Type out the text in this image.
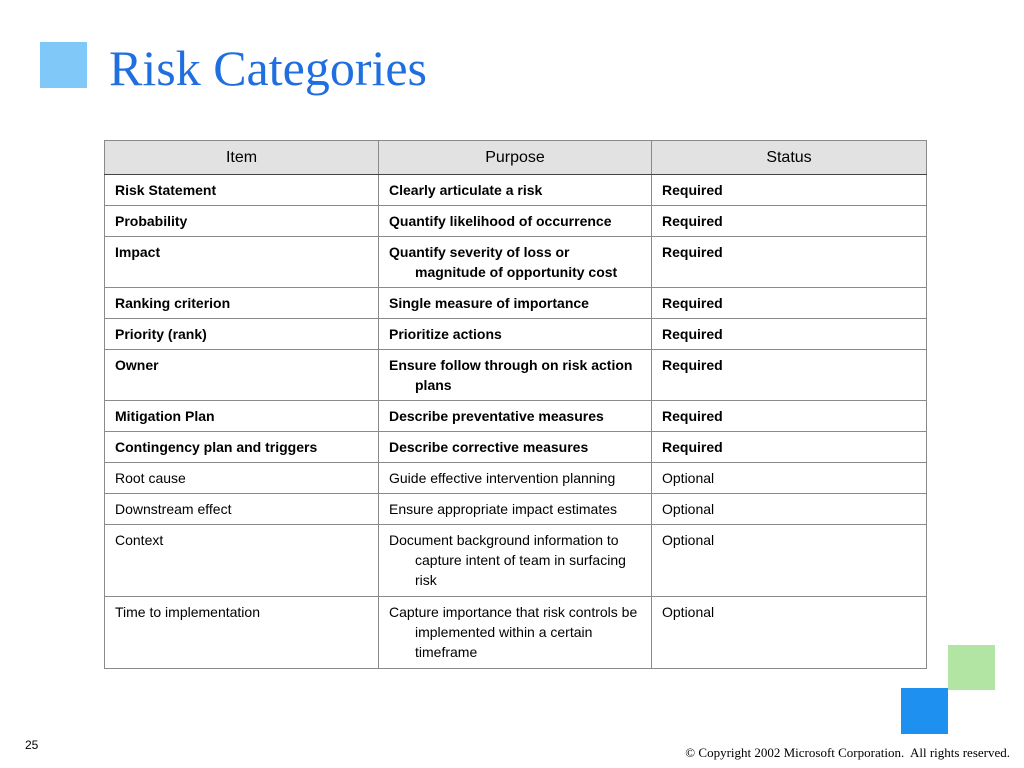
Risk Categories
Item	Purpose	Status
Risk Statement	Clearly articulate a risk	Required
Probability	Quantify likelihood of occurrence	Required
Impact	Quantify severity of loss or magnitude of opportunity cost	Required
Ranking criterion	Single measure of importance	Required
Priority (rank)	Prioritize actions	Required
Owner	Ensure follow through on risk action plans	Required
Mitigation Plan	Describe preventative measures	Required
Contingency plan and triggers	Describe corrective measures	Required
Root cause	Guide effective intervention planning	Optional
Downstream effect	Ensure appropriate impact estimates	Optional
Context	Document background information to capture intent of team in surfacing risk	Optional
Time to implementation	Capture importance that risk controls be implemented within a certain timeframe	Optional
25	© Copyright 2002 Microsoft Corporation.  All rights reserved.
